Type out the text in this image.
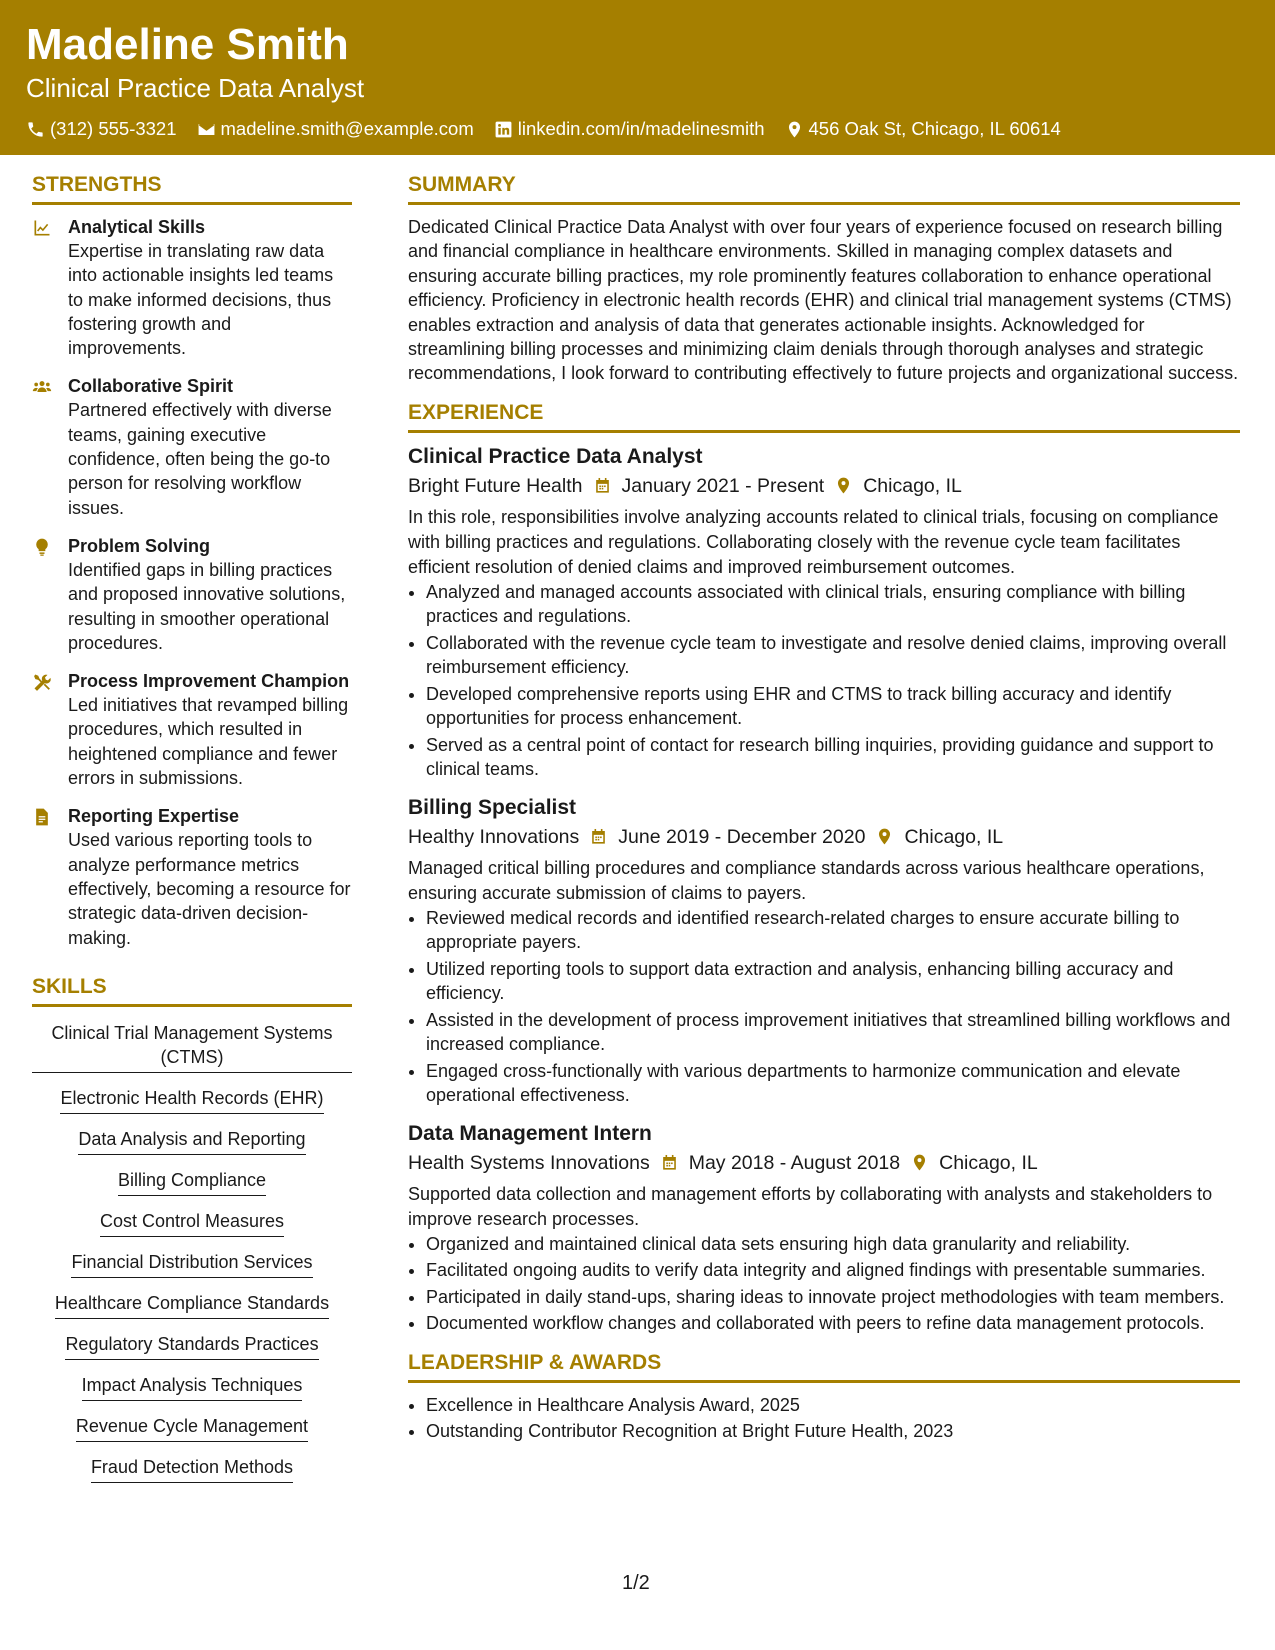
Madeline Smith
Clinical Practice Data Analyst
(312) 555-3321 madeline.smith@example.com linkedin.com/in/madelinesmith 456 Oak St, Chicago, IL 60614
STRENGTHS
Analytical Skills
Expertise in translating raw data into actionable insights led teams to make informed decisions, thus fostering growth and improvements.
Collaborative Spirit
Partnered effectively with diverse teams, gaining executive confidence, often being the go-to person for resolving workflow issues.
Problem Solving
Identified gaps in billing practices and proposed innovative solutions, resulting in smoother operational procedures.
Process Improvement Champion
Led initiatives that revamped billing procedures, which resulted in heightened compliance and fewer errors in submissions.
Reporting Expertise
Used various reporting tools to analyze performance metrics effectively, becoming a resource for strategic data-driven decision-making.
SKILLS
Clinical Trial Management Systems (CTMS)
Electronic Health Records (EHR)
Data Analysis and Reporting
Billing Compliance
Cost Control Measures
Financial Distribution Services
Healthcare Compliance Standards
Regulatory Standards Practices
Impact Analysis Techniques
Revenue Cycle Management
Fraud Detection Methods
SUMMARY

Dedicated Clinical Practice Data Analyst with over four years of experience focused on research billing and financial compliance in healthcare environments. Skilled in managing complex datasets and ensuring accurate billing practices, my role prominently features collaboration to enhance operational efficiency. Proficiency in electronic health records (EHR) and clinical trial management systems (CTMS) enables extraction and analysis of data that generates actionable insights. Acknowledged for streamlining billing processes and minimizing claim denials through thorough analyses and strategic recommendations, I look forward to contributing effectively to future projects and organizational success.

EXPERIENCE
Clinical Practice Data Analyst
Bright Future Health January 2021 - Present Chicago, IL
In this role, responsibilities involve analyzing accounts related to clinical trials, focusing on compliance with billing practices and regulations. Collaborating closely with the revenue cycle team facilitates efficient resolution of denied claims and improved reimbursement outcomes.
• Analyzed and managed accounts associated with clinical trials, ensuring compliance with billing practices and regulations.
• Collaborated with the revenue cycle team to investigate and resolve denied claims, improving overall reimbursement efficiency.
• Developed comprehensive reports using EHR and CTMS to track billing accuracy and identify opportunities for process enhancement.
• Served as a central point of contact for research billing inquiries, providing guidance and support to clinical teams.
Billing Specialist
Healthy Innovations June 2019 - December 2020 Chicago, IL
Managed critical billing procedures and compliance standards across various healthcare operations, ensuring accurate submission of claims to payers.
• Reviewed medical records and identified research-related charges to ensure accurate billing to appropriate payers.
• Utilized reporting tools to support data extraction and analysis, enhancing billing accuracy and efficiency.
• Assisted in the development of process improvement initiatives that streamlined billing workflows and increased compliance.
• Engaged cross-functionally with various departments to harmonize communication and elevate operational effectiveness.
Data Management Intern
Health Systems Innovations May 2018 - August 2018 Chicago, IL
Supported data collection and management efforts by collaborating with analysts and stakeholders to improve research processes.
• Organized and maintained clinical data sets ensuring high data granularity and reliability.
• Facilitated ongoing audits to verify data integrity and aligned findings with presentable summaries.
• Participated in daily stand-ups, sharing ideas to innovate project methodologies with team members.
• Documented workflow changes and collaborated with peers to refine data management protocols.
LEADERSHIP & AWARDS
• Excellence in Healthcare Analysis Award, 2025
• Outstanding Contributor Recognition at Bright Future Health, 2023
1/2
